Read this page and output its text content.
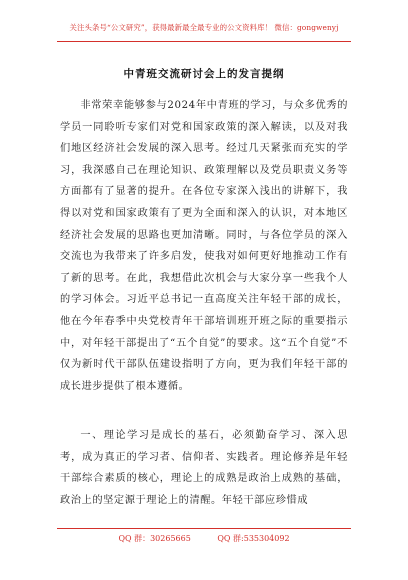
关注头条号“公文研究”，获得最新最全最专业的公文资料库！ 微信：gongwenyj
中青班交流研讨会上的发言提纲

非常荣幸能够参与2024年中青班的学习，与众多优秀的学员一同聆听专家们对党和国家政策的深入解读，以及对我们地区经济社会发展的深入思考。经过几天紧张而充实的学习，我深感自己在理论知识、政策理解以及党员职责义务等方面都有了显著的提升。在各位专家深入浅出的讲解下，我得以对党和国家政策有了更为全面和深入的认识，对本地区经济社会发展的思路也更加清晰。同时，与各位学员的深入交流也为我带来了许多启发，使我对如何更好地推动工作有了新的思考。在此，我想借此次机会与大家分享一些我个人的学习体会。习近平总书记一直高度关注年轻干部的成长，他在今年春季中央党校青年干部培训班开班之际的重要指示中，对年轻干部提出了“五个自觉”的要求。这“五个自觉”不仅为新时代干部队伍建设指明了方向，更为我们年轻干部的成长进步提供了根本遵循。

一、理论学习是成长的基石，必须勤奋学习、深入思考，成为真正的学习者、信仰者、实践者。理论修养是年轻干部综合素质的核心，理论上的成熟是政治上成熟的基础，政治上的坚定源于理论上的清醒。年轻干部应珍惜成

QQ 群：30265665	QQ 群:535304092
